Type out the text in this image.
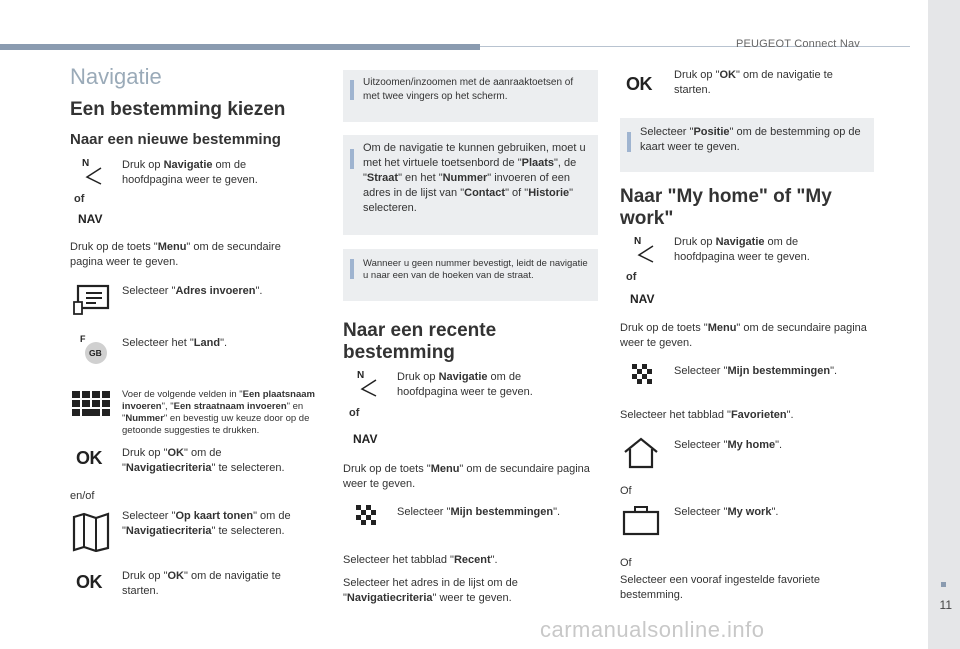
PEUGEOT Connect Nav
11
carmanualsonline.info
Navigatie
Een bestemming kiezen
Naar een nieuwe bestemming
N
of
NAV
Druk op Navigatie om de hoofdpagina weer te geven.
Druk op de toets "Menu" om de secundaire pagina weer te geven.
Selecteer "Adres invoeren".
F
GB
Selecteer het "Land".
Voer de volgende velden in "Een plaatsnaam invoeren", "Een straatnaam invoeren" en "Nummer" en bevestig uw keuze door op de getoonde suggesties te drukken.
OK Druk op "OK" om de "Navigatiecriteria" te selecteren.
en/of
Selecteer "Op kaart tonen" om de "Navigatiecriteria" te selecteren.
OK Druk op "OK" om de navigatie te starten.
Uitzoomen/inzoomen met de aanraaktoetsen of met twee vingers op het scherm.
Om de navigatie te kunnen gebruiken, moet u met het virtuele toetsenbord de "Plaats", de "Straat" en het "Nummer" invoeren of een adres in de lijst van "Contact" of "Historie" selecteren.
Wanneer u geen nummer bevestigt, leidt de navigatie u naar een van de hoeken van de straat.
Naar een recente bestemming
N
of
NAV
Druk op Navigatie om de hoofdpagina weer te geven.
Druk op de toets "Menu" om de secundaire pagina weer te geven.
Selecteer "Mijn bestemmingen".
Selecteer het tabblad "Recent".
Selecteer het adres in de lijst om de "Navigatiecriteria" weer te geven.
OK Druk op "OK" om de navigatie te starten.
Selecteer "Positie" om de bestemming op de kaart weer te geven.
Naar "My home" of "My work"
N
of
NAV
Druk op Navigatie om de hoofdpagina weer te geven.
Druk op de toets "Menu" om de secundaire pagina weer te geven.
Selecteer "Mijn bestemmingen".
Selecteer het tabblad "Favorieten".
Selecteer "My home".
Of
Selecteer "My work".
Of
Selecteer een vooraf ingestelde favoriete bestemming.
